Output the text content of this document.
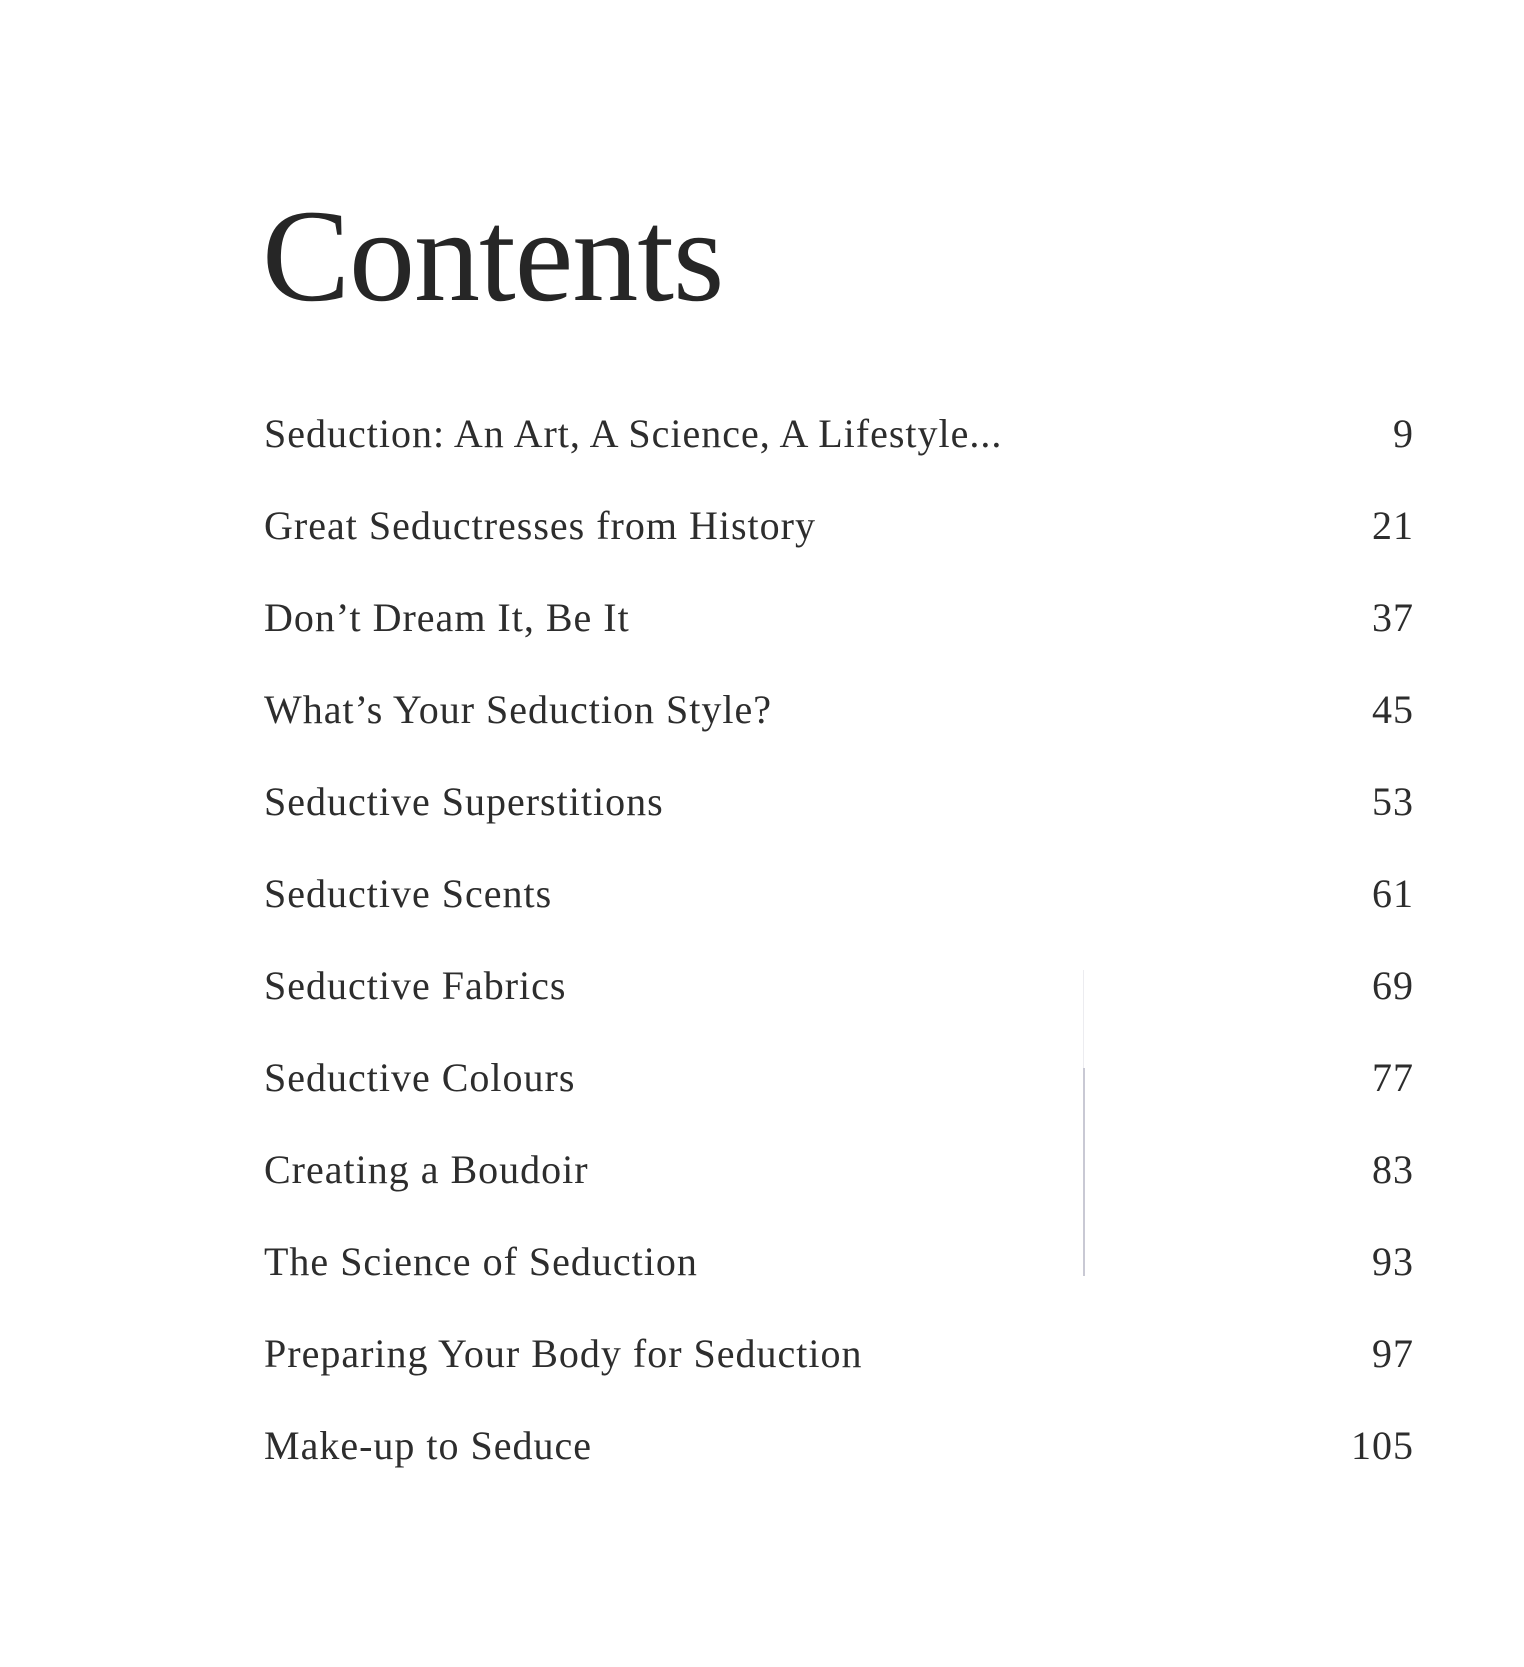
Contents
Seduction: An Art, A Science, A Lifestyle...	9
Great Seductresses from History	21
Don’t Dream It, Be It	37
What’s Your Seduction Style?	45
Seductive Superstitions	53
Seductive Scents	61
Seductive Fabrics	69
Seductive Colours	77
Creating a Boudoir	83
The Science of Seduction	93
Preparing Your Body for Seduction	97
Make-up to Seduce	105
